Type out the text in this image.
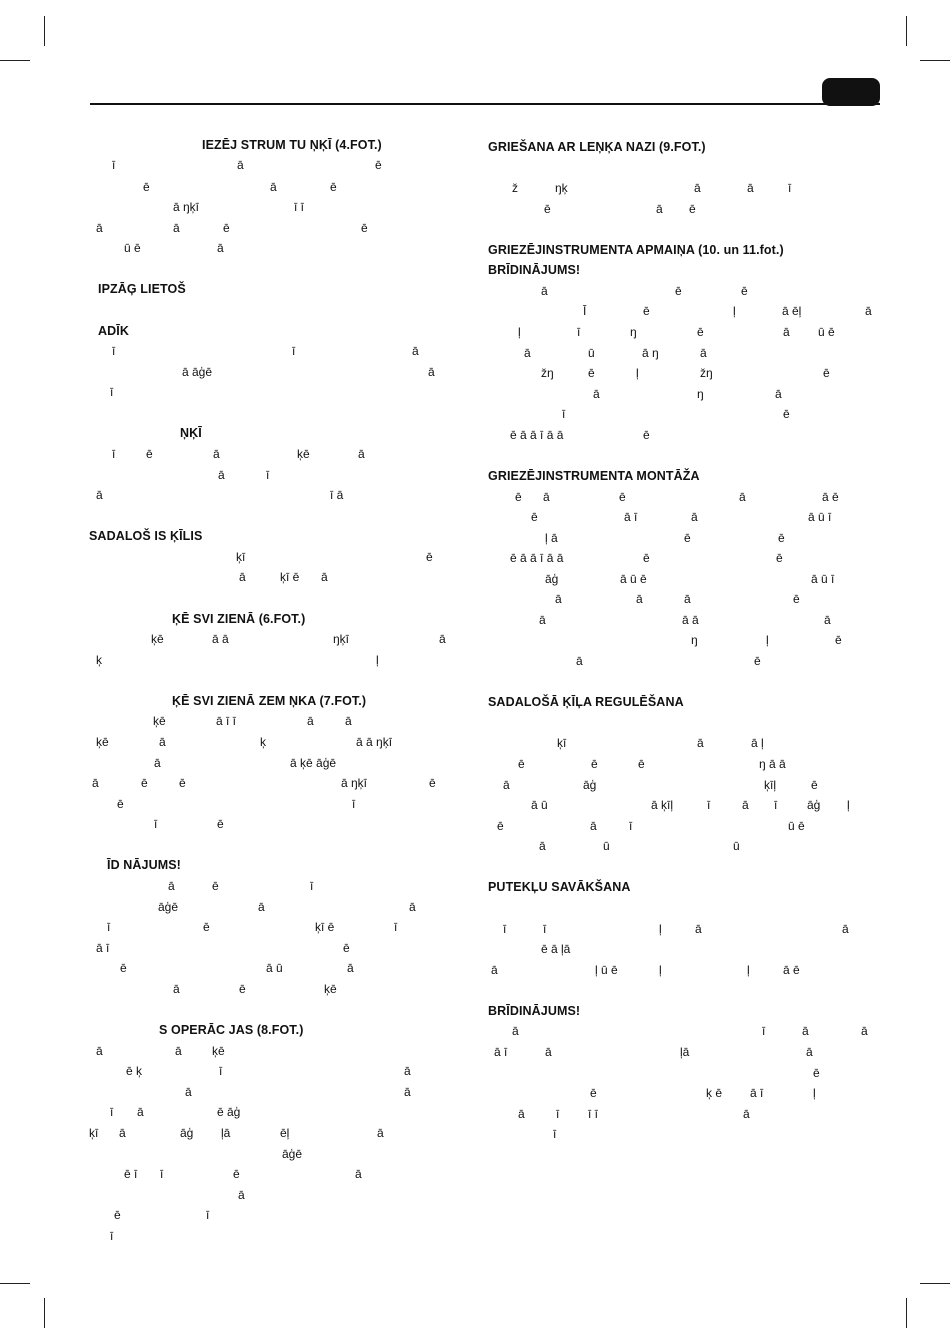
IEZĒJ STRUM TU ŅĶĪ (4.FOT.)
IPZĀĢ LIETOŠ
ADĪK
ŅĶĪ
SADALOŠ IS ĶĪLIS
ĶĒ SVI ZIENĀ (6.FOT.)
ĶĒ SVI ZIENĀ ZEM ŅKA (7.FOT.)
ĪD NĀJUMS!
S OPERĀC JAS (8.FOT.)
ī	ā	ē
ē	ā	ē
ā ŋķī	ī ī
ā	ā	ē	ē
ū ē	ā
ī	ī	ā
ā āģē	ā
ī
ī	ē	ā	ķē	ā
ā	ī
ā	ī ā
ķī	ē
ā	ķī ē ā
ķē	ā ā	ŋķī	ā
ķ	ļ
ķē	ā ī ī	ā	ā
ķē	ā	ķ	ā ā ŋķī
ā	ā ķē āģē
ā	ē	ē	ā ŋķī	ē
ē	ī
ī	ē
ā	ē	ī
āģē	ā	ā
ī	ē	ķī ē	ī
ā ī	ē
ē	ā ū	ā
ā	ē	ķē
ā	ā	ķē
ē ķ	ī	ā
ā	ā
ī ā	ē āģ
ķī ā	āģ ļā	ēļ	ā
āģē
ē ī ī	ē	ā
ā
ē	ī
ī
GRIEŠANA AR LEŅĶA NAZI (9.FOT.)
GRIEZĒJINSTRUMENTA APMAIŅA (10. un 11.fot.)
BRĪDINĀJUMS!
GRIEZĒJINSTRUMENTA MONTĀŽA
SADALOŠĀ ĶĪĻA REGULĒŠANA
PUTEKĻU SAVĀKŠANA
BRĪDINĀJUMS!
ž	ŋķ	ā	ā	ī
ē	ā ē
ā	ē	ē
Ī	ē	ļ	ā ēļ	ā
ļ	ī	ŋ	ē	ā ū ē
ā	ū	ā ŋ	ā
žŋ	ē	ļ	žŋ	ē
ā	ŋ	ā
ī	ē
ē ā ā ī ā ā	ē
ē ā	ē	ā	ā ē
ē	ā ī	ā	ā ū ī
ļ ā	ē	ē
ē ā ā ī ā ā	ē	ē
āģ	ā ū ē	ā ū ī
ā	ā	ā	ē
ā	ā ā	ā
ŋ	ļ	ē
ā	ē
ķī	ā	ā ļ
ē	ē	ē	ŋ ā ā
ā	āģ	ķīļ	ē
ā ū	ā ķīļ	ī	ā ī āģ ļ
ē	ā	ī	ū ē
ā	ū	ū
ī	ī	ļ	ā	ā
ē ā ļā
ā	ļ ū ē	ļ	ļ	ā ē
ā	ī	ā	ā
ā ī	ā	ļā	ā
ē
ē	ķ ē ā ī	ļ
ā	ī ī ī	ā
ī
